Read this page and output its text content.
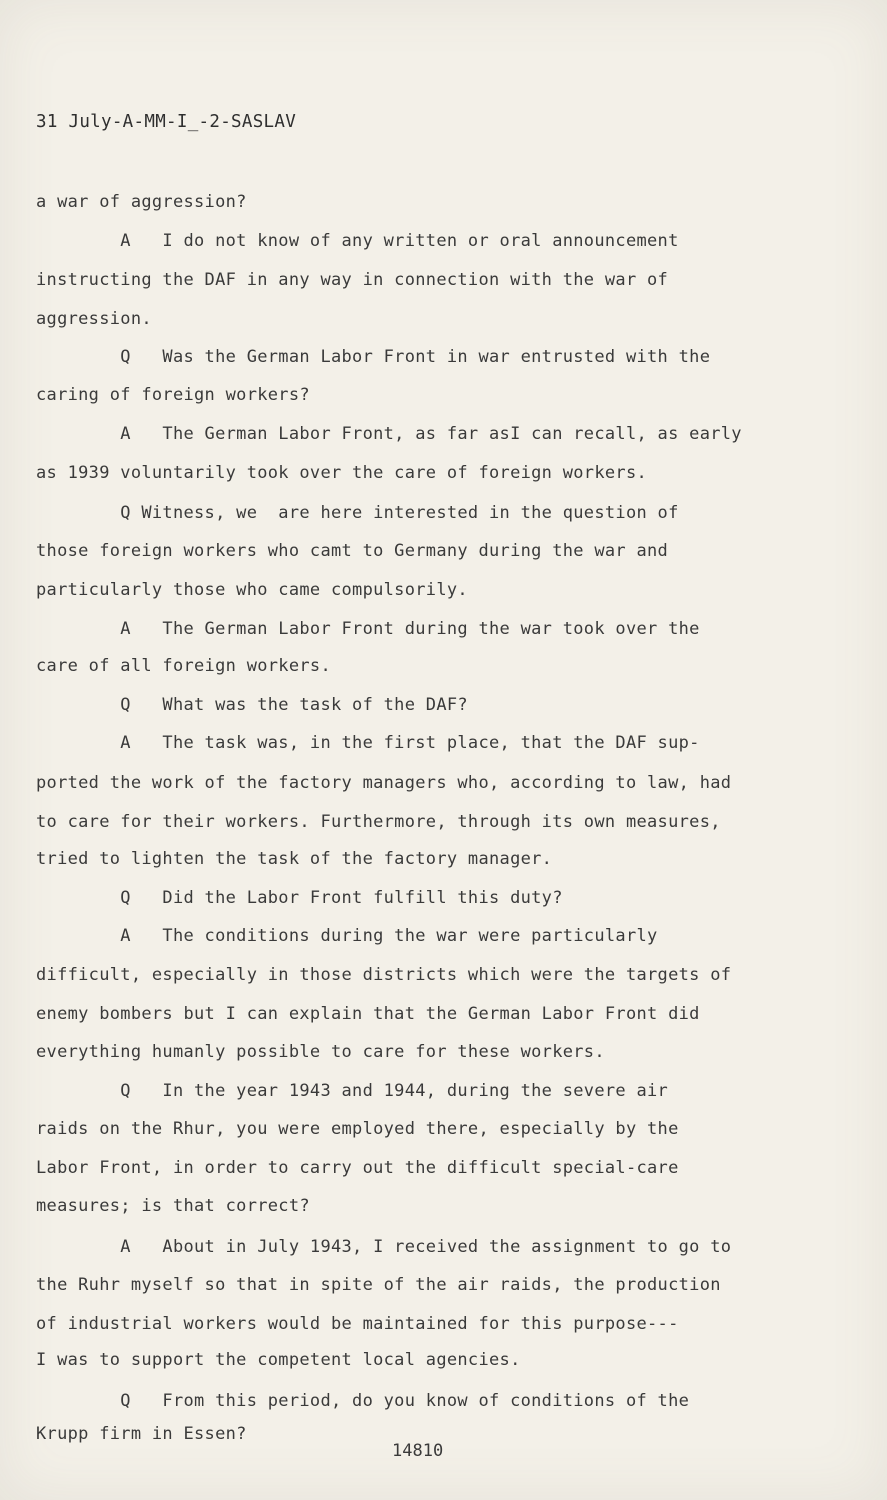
31 July-A-MM-I_-2-SASLAV
a war of aggression?
A   I do not know of any written or oral announcement
instructing the DAF in any way in connection with the war of
aggression.
Q   Was the German Labor Front in war entrusted with the
caring of foreign workers?
A   The German Labor Front, as far asI can recall, as early
as 1939 voluntarily took over the care of foreign workers.
Q Witness, we  are here interested in the question of
those foreign workers who camt to Germany during the war and
particularly those who came compulsorily.
A   The German Labor Front during the war took over the
care of all foreign workers.
Q   What was the task of the DAF?
A   The task was, in the first place, that the DAF sup-
ported the work of the factory managers who, according to law, had
to care for their workers. Furthermore, through its own measures,
tried to lighten the task of the factory manager.
Q   Did the Labor Front fulfill this duty?
A   The conditions during the war were particularly
difficult, especially in those districts which were the targets of
enemy bombers but I can explain that the German Labor Front did
everything humanly possible to care for these workers.
Q   In the year 1943 and 1944, during the severe air
raids on the Rhur, you were employed there, especially by the
Labor Front, in order to carry out the difficult special-care
measures; is that correct?
A   About in July 1943, I received the assignment to go to
the Ruhr myself so that in spite of the air raids, the production
of industrial workers would be maintained for this purpose---
I was to support the competent local agencies.
Q   From this period, do you know of conditions of the
Krupp firm in Essen?
14810
